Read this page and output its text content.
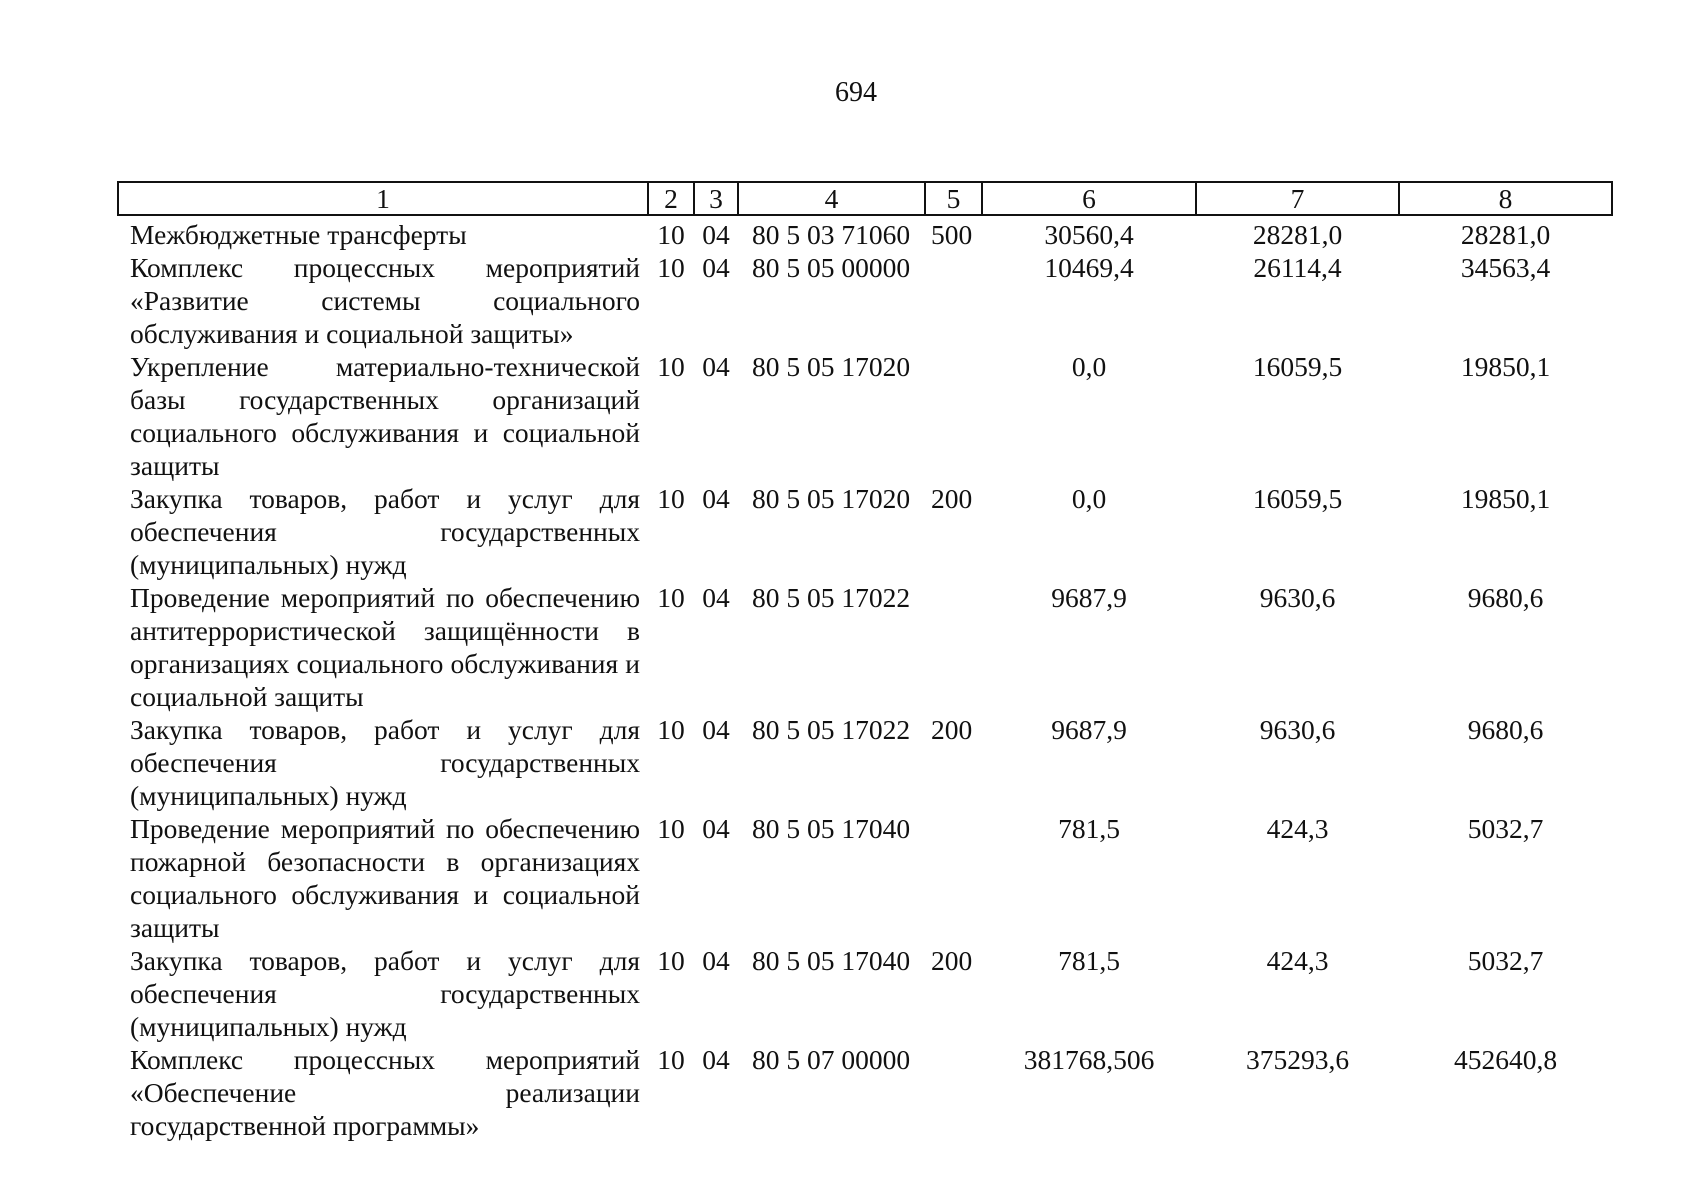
694
1	2	3	4	5	6	7	8
Межбюджетные трансферты	10	04	80 5 03 71060	500	30560,4	28281,0	28281,0
Комплекс процессных мероприятий «Развитие системы социального обслуживания и социальной защиты»	10	04	80 5 05 00000		10469,4	26114,4	34563,4
Укрепление материально-технической базы государственных организаций социального обслуживания и социальной защиты	10	04	80 5 05 17020		0,0	16059,5	19850,1
Закупка товаров, работ и услуг для обеспечения государственных (муниципальных) нужд	10	04	80 5 05 17020	200	0,0	16059,5	19850,1
Проведение мероприятий по обеспечению антитеррористической защищённости в организациях социального обслуживания и социальной защиты	10	04	80 5 05 17022		9687,9	9630,6	9680,6
Закупка товаров, работ и услуг для обеспечения государственных (муниципальных) нужд	10	04	80 5 05 17022	200	9687,9	9630,6	9680,6
Проведение мероприятий по обеспечению пожарной безопасности в организациях социального обслуживания и социальной защиты	10	04	80 5 05 17040		781,5	424,3	5032,7
Закупка товаров, работ и услуг для обеспечения государственных (муниципальных) нужд	10	04	80 5 05 17040	200	781,5	424,3	5032,7
Комплекс процессных мероприятий «Обеспечение реализации государственной программы»	10	04	80 5 07 00000		381768,506	375293,6	452640,8
